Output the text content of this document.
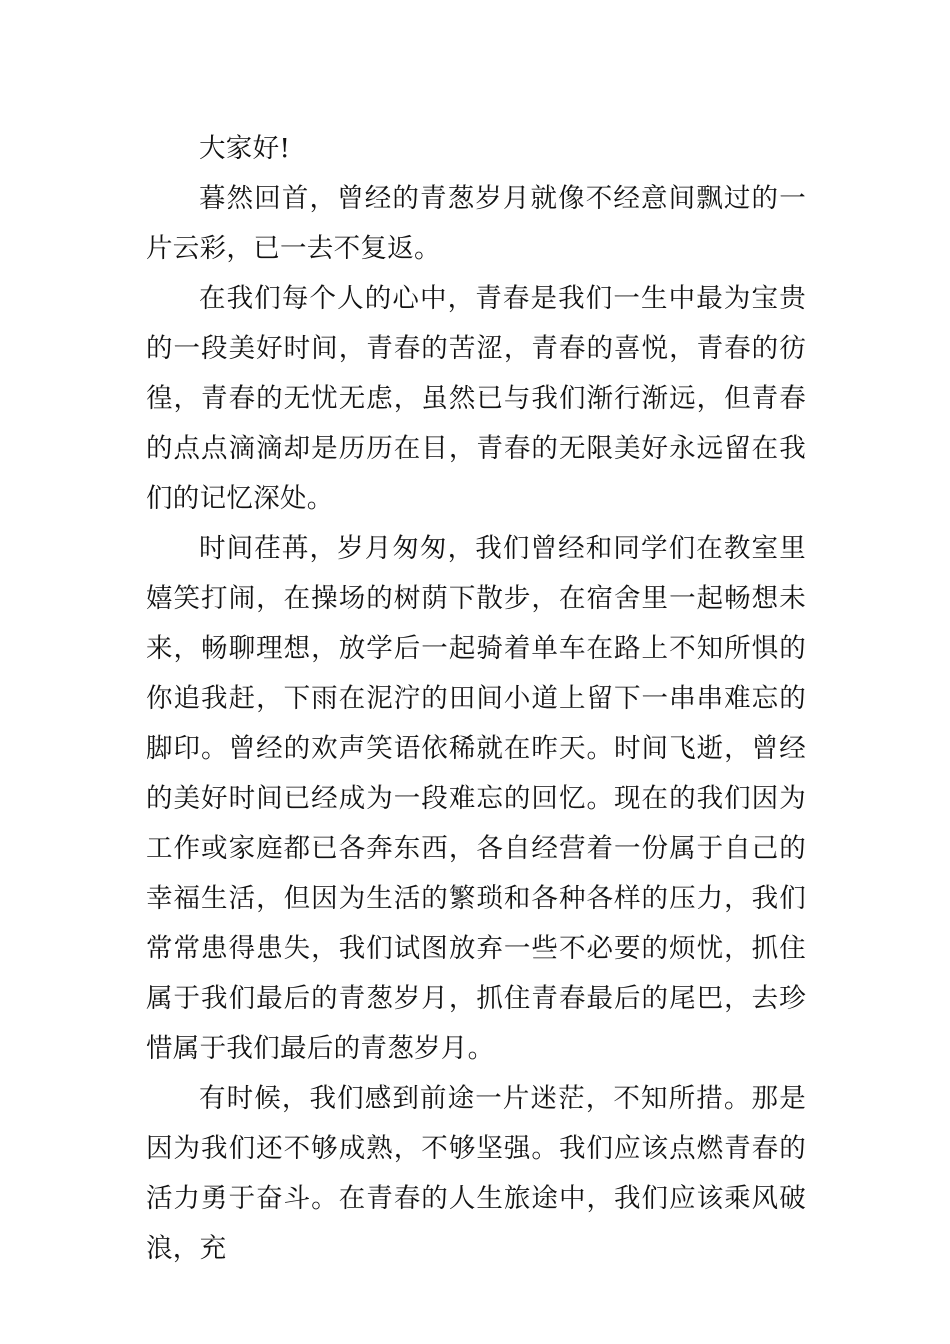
大家好!

暮然回首，曾经的青葱岁月就像不经意间飘过的一片云彩，已一去不复返。

在我们每个人的心中，青春是我们一生中最为宝贵的一段美好时间，青春的苦涩，青春的喜悦，青春的彷徨，青春的无忧无虑，虽然已与我们渐行渐远，但青春的点点滴滴却是历历在目，青春的无限美好永远留在我们的记忆深处。

时间荏苒，岁月匆匆，我们曾经和同学们在教室里嬉笑打闹，在操场的树荫下散步，在宿舍里一起畅想未来，畅聊理想，放学后一起骑着单车在路上不知所惧的你追我赶，下雨在泥泞的田间小道上留下一串串难忘的脚印。曾经的欢声笑语依稀就在昨天。时间飞逝，曾经的美好时间已经成为一段难忘的回忆。现在的我们因为工作或家庭都已各奔东西，各自经营着一份属于自己的幸福生活，但因为生活的繁琐和各种各样的压力，我们常常患得患失，我们试图放弃一些不必要的烦忧，抓住属于我们最后的青葱岁月，抓住青春最后的尾巴，去珍惜属于我们最后的青葱岁月。

有时候，我们感到前途一片迷茫，不知所措。那是因为我们还不够成熟，不够坚强。我们应该点燃青春的活力勇于奋斗。在青春的人生旅途中，我们应该乘风破浪，充
